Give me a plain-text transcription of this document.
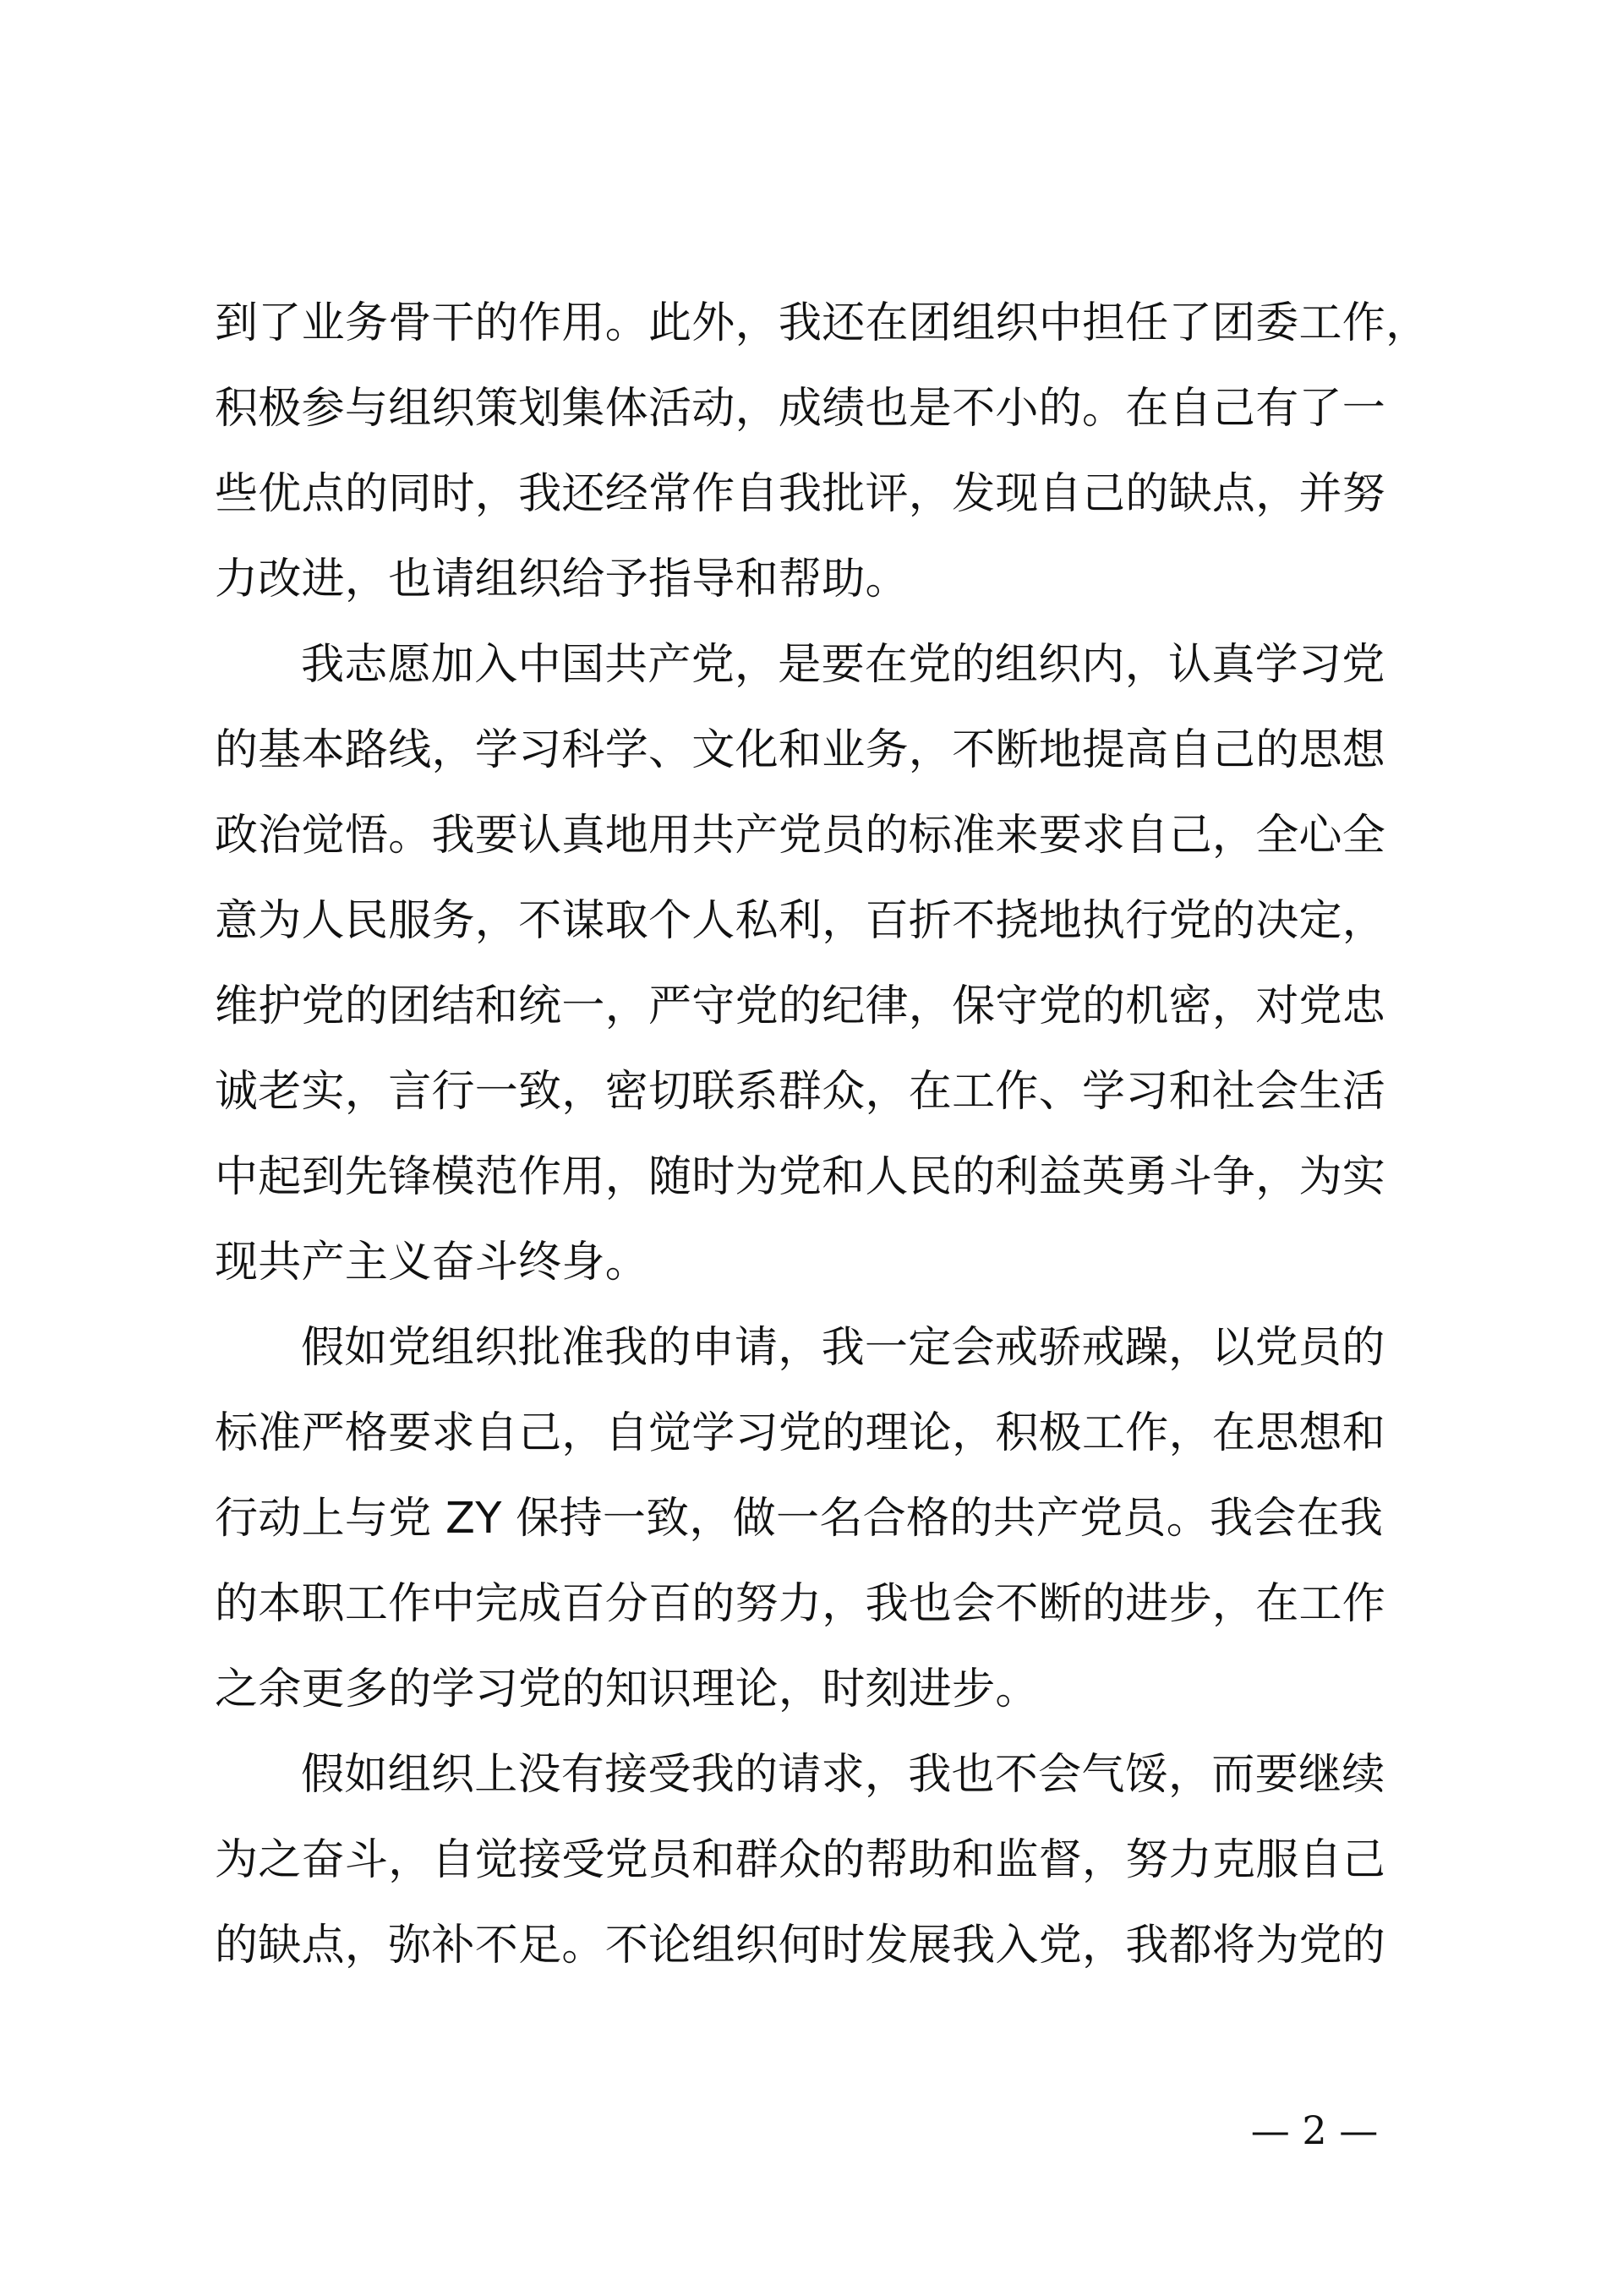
到了业务骨干的作用。此外，我还在团组织中担任了团委工作，
积极参与组织策划集体活动，成绩也是不小的。在自己有了一
些优点的同时，我还经常作自我批评，发现自己的缺点，并努
力改进，也请组织给予指导和帮助。
我志愿加入中国共产党，是要在党的组织内，认真学习党
的基本路线，学习科学、文化和业务，不断地提高自己的思想
政治觉悟。我要认真地用共产党员的标准来要求自己，全心全
意为人民服务，不谋取个人私利，百折不挠地执行党的决定，
维护党的团结和统一，严守党的纪律，保守党的机密，对党忠
诚老实，言行一致，密切联系群众，在工作、学习和社会生活
中起到先锋模范作用，随时为党和人民的利益英勇斗争，为实
现共产主义奋斗终身。
假如党组织批准我的申请，我一定会戒骄戒躁，以党员的
标准严格要求自己，自觉学习党的理论，积极工作，在思想和
行动上与党 ZY 保持一致，做一名合格的共产党员。我会在我
的本职工作中完成百分百的努力，我也会不断的进步，在工作
之余更多的学习党的知识理论，时刻进步。
假如组织上没有接受我的请求，我也不会气馁，而要继续
为之奋斗，自觉接受党员和群众的帮助和监督，努力克服自己
的缺点，弥补不足。不论组织何时发展我入党，我都将为党的
— 2 —
